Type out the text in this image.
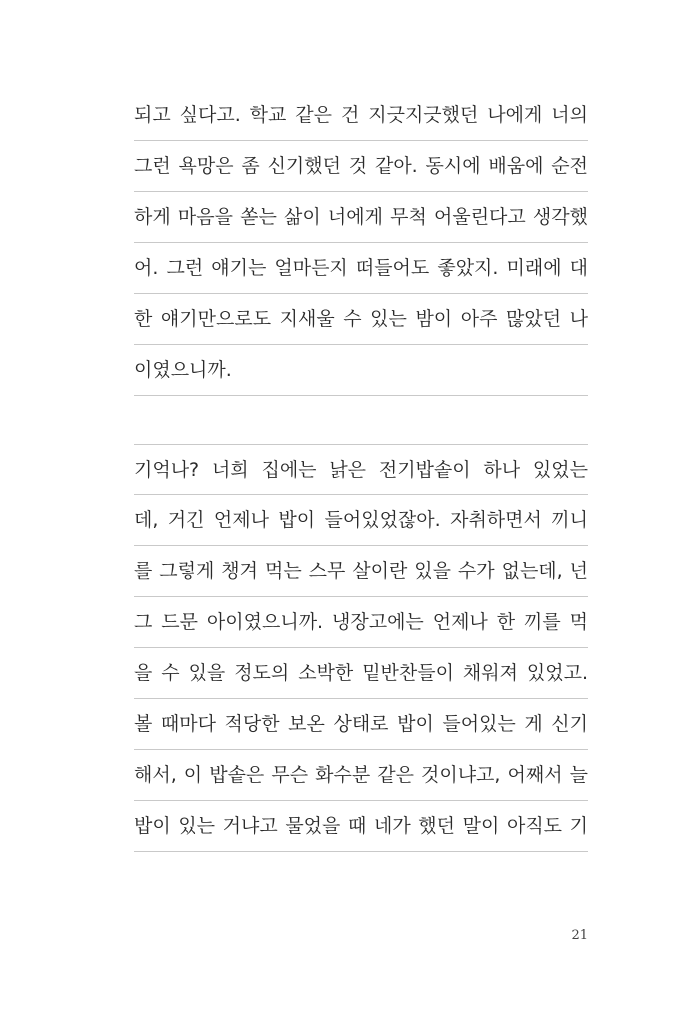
되고 싶다고. 학교 같은 건 지긋지긋했던 나에게 너의
그런 욕망은 좀 신기했던 것 같아. 동시에 배움에 순전
하게 마음을 쏟는 삶이 너에게 무척 어울린다고 생각했
어. 그런 얘기는 얼마든지 떠들어도 좋았지. 미래에 대
한 얘기만으로도 지새울 수 있는 밤이 아주 많았던 나
이였으니까.
기억나? 너희 집에는 낡은 전기밥솥이 하나 있었는
데, 거긴 언제나 밥이 들어있었잖아. 자취하면서 끼니
를 그렇게 챙겨 먹는 스무 살이란 있을 수가 없는데, 넌
그 드문 아이였으니까. 냉장고에는 언제나 한 끼를 먹
을 수 있을 정도의 소박한 밑반찬들이 채워져 있었고.
볼 때마다 적당한 보온 상태로 밥이 들어있는 게 신기
해서, 이 밥솥은 무슨 화수분 같은 것이냐고, 어째서 늘
밥이 있는 거냐고 물었을 때 네가 했던 말이 아직도 기
21
